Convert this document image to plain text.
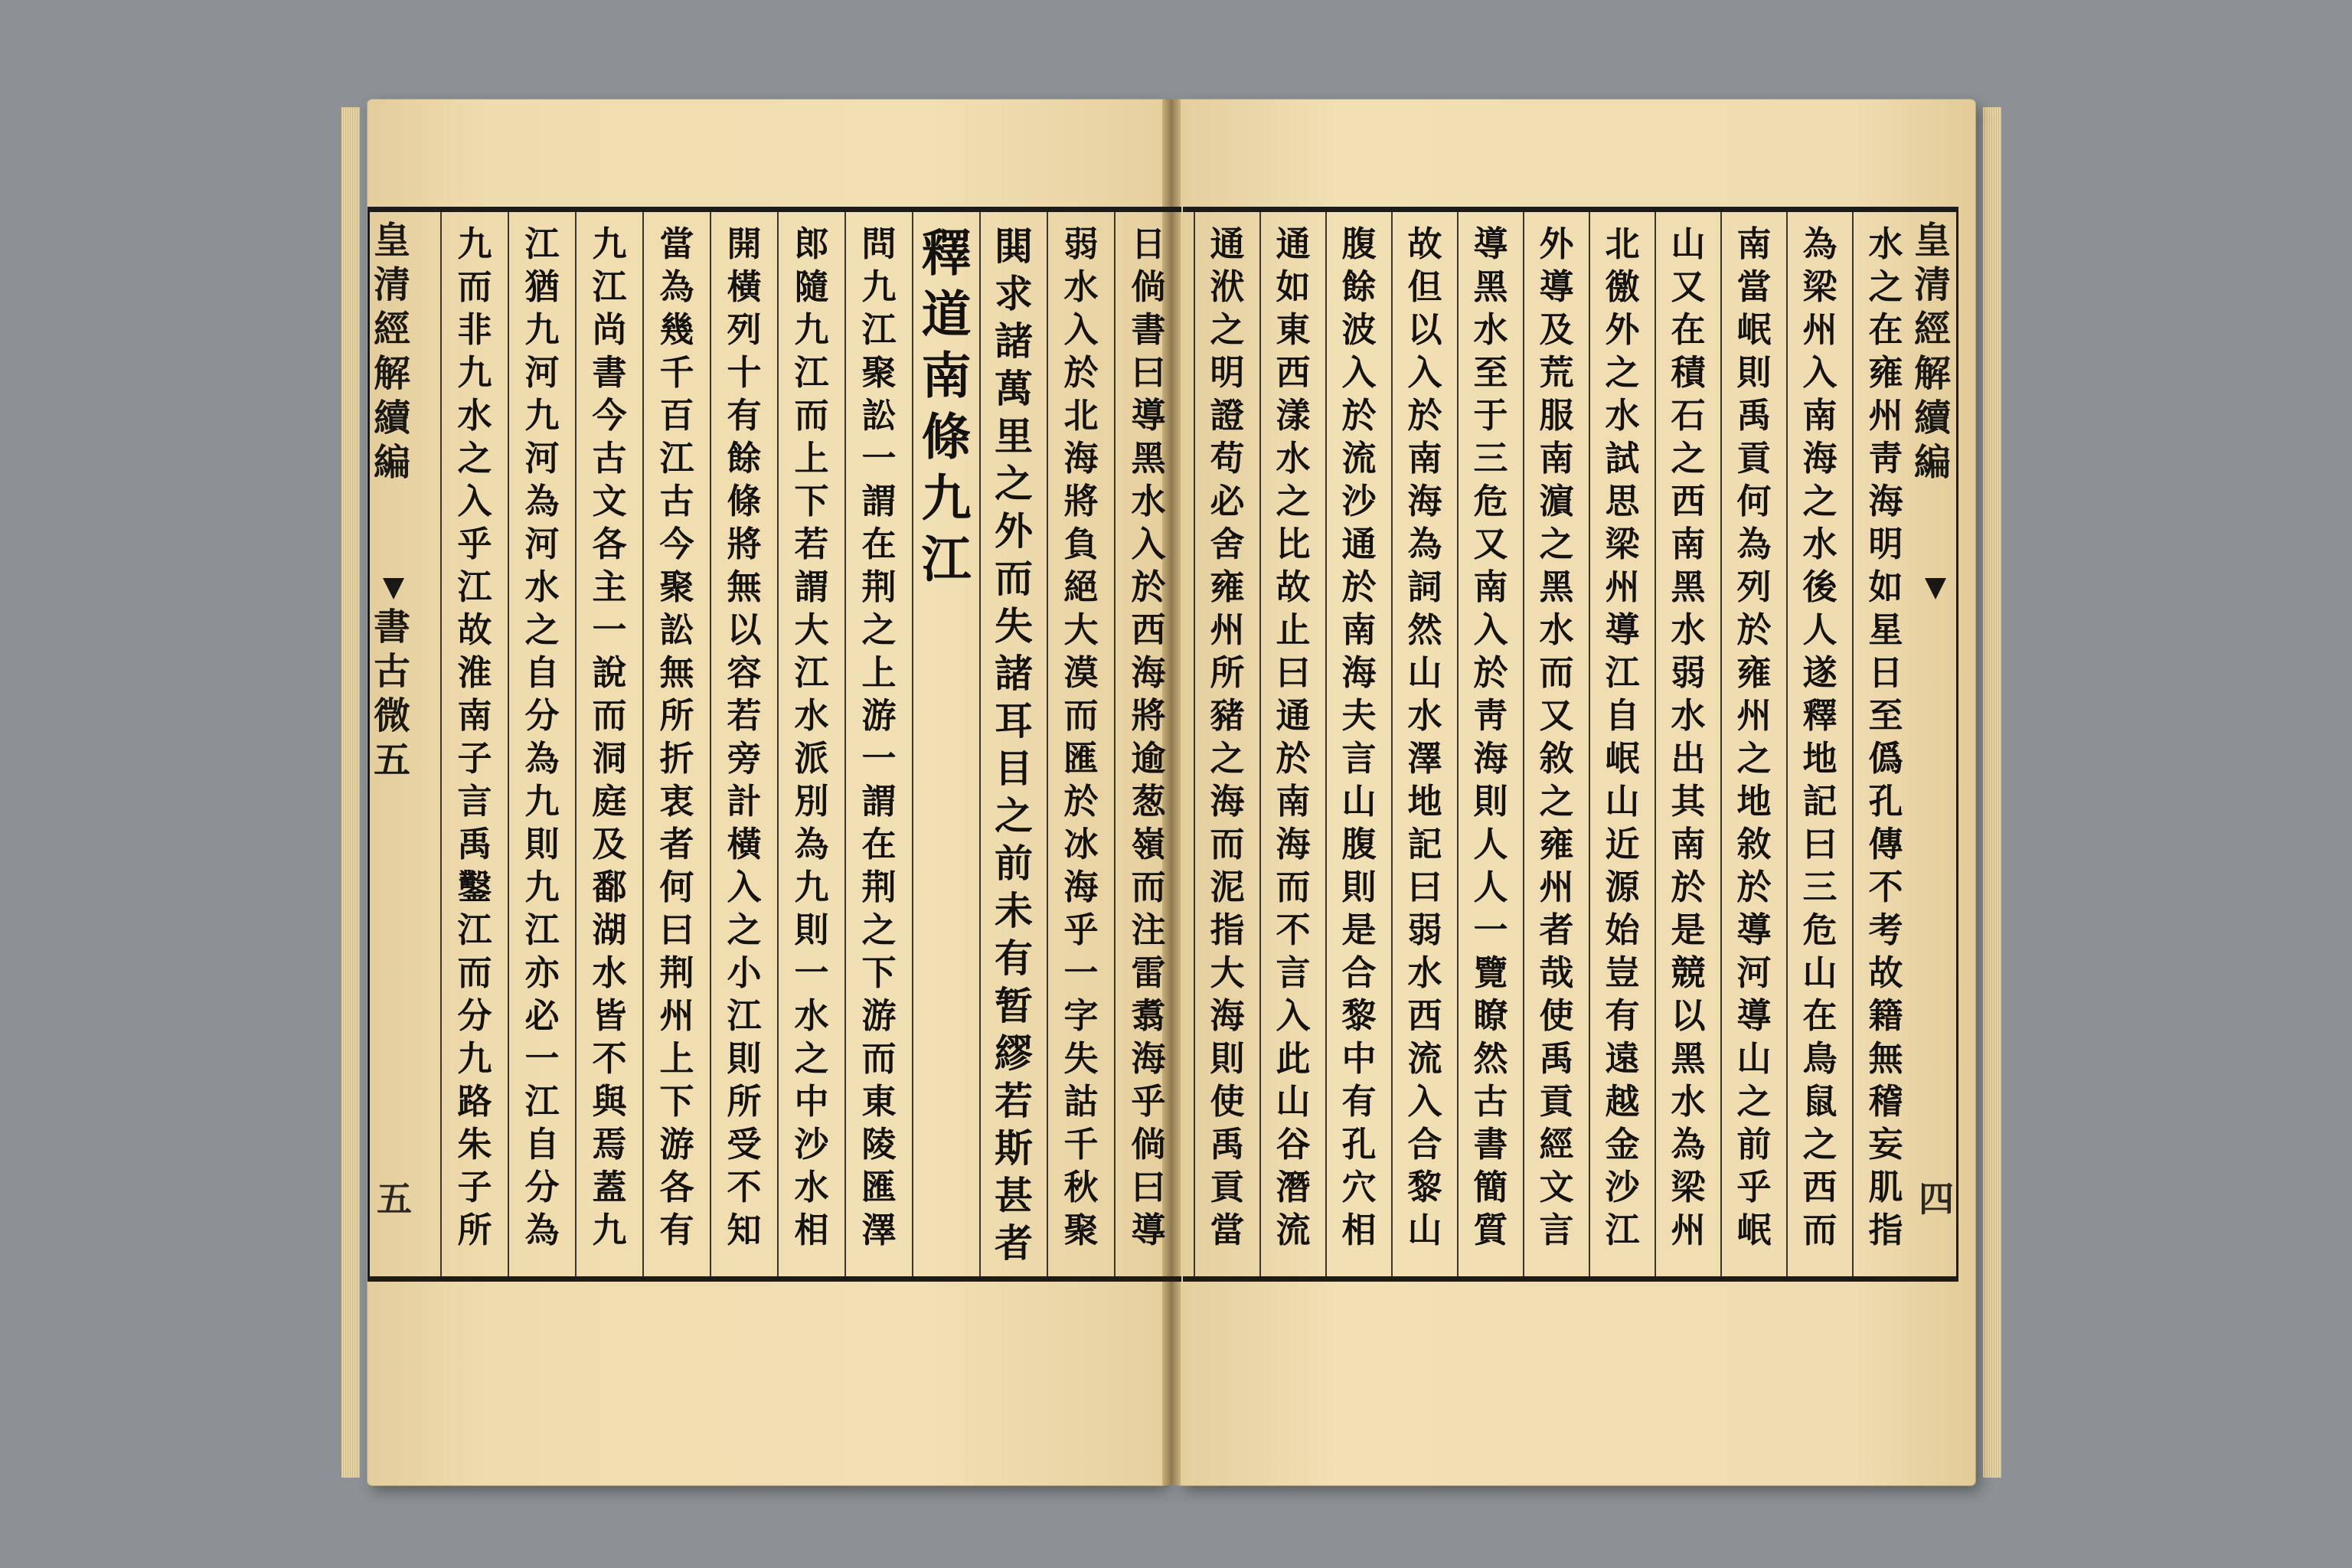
日
倘
書
曰
導
黑
水
入
於
西
海
將
逾
葱
嶺
而
注
雷
翥
海
乎
倘
曰
導
弱
水
入
於
北
海
將
負
絕
大
漠
而
匯
於
冰
海
乎
一
字
失
詁
千
秋
聚
閧
求
諸
萬
里
之
外
而
失
諸
耳
目
之
前
未
有
暂
繆
若
斯
甚
者
釋
道
南
條
九
江
問
九
江
聚
訟
一
謂
在
荆
之
上
游
一
謂
在
荆
之
下
游
而
東
陵
匯
澤
郎
隨
九
江
而
上
下
若
謂
大
江
水
派
別
為
九
則
一
水
之
中
沙
水
相
開
橫
列
十
有
餘
條
將
無
以
容
若
旁
計
橫
入
之
小
江
則
所
受
不
知
當
為
幾
千
百
江
古
今
聚
訟
無
所
折
衷
者
何
曰
荆
州
上
下
游
各
有
九
江
尚
書
今
古
文
各
主
一
說
而
洞
庭
及
鄱
湖
水
皆
不
與
焉
蓋
九
江
猶
九
河
九
河
為
河
水
之
自
分
為
九
則
九
江
亦
必
一
江
自
分
為
九
而
非
九
水
之
入
乎
江
故
淮
南
子
言
禹
鑿
江
而
分
九
路
朱
子
所
皇
清
經
解
續
編
書
古
微
五
五
水
之
在
雍
州
靑
海
明
如
星
日
至
僞
孔
傳
不
考
故
籍
無
稽
妄
肌
指
為
梁
州
入
南
海
之
水
後
人
遂
釋
地
記
曰
三
危
山
在
鳥
鼠
之
西
而
南
當
岷
則
禹
貢
何
為
列
於
雍
州
之
地
敘
於
導
河
導
山
之
前
乎
岷
山
又
在
積
石
之
西
南
黑
水
弱
水
出
其
南
於
是
競
以
黑
水
為
梁
州
北
徼
外
之
水
試
思
梁
州
導
江
自
岷
山
近
源
始
豈
有
遠
越
金
沙
江
外
導
及
荒
服
南
濵
之
黑
水
而
又
敘
之
雍
州
者
哉
使
禹
貢
經
文
言
導
黑
水
至
于
三
危
又
南
入
於
靑
海
則
人
人
一
覽
瞭
然
古
書
簡
質
故
但
以
入
於
南
海
為
詞
然
山
水
澤
地
記
曰
弱
水
西
流
入
合
黎
山
腹
餘
波
入
於
流
沙
通
於
南
海
夫
言
山
腹
則
是
合
黎
中
有
孔
穴
相
通
如
東
西
漾
水
之
比
故
止
曰
通
於
南
海
而
不
言
入
此
山
谷
潛
流
通
洑
之
明
證
苟
必
舍
雍
州
所
豬
之
海
而
泥
指
大
海
則
使
禹
貢
當
皇
清
經
解
續
編
四
